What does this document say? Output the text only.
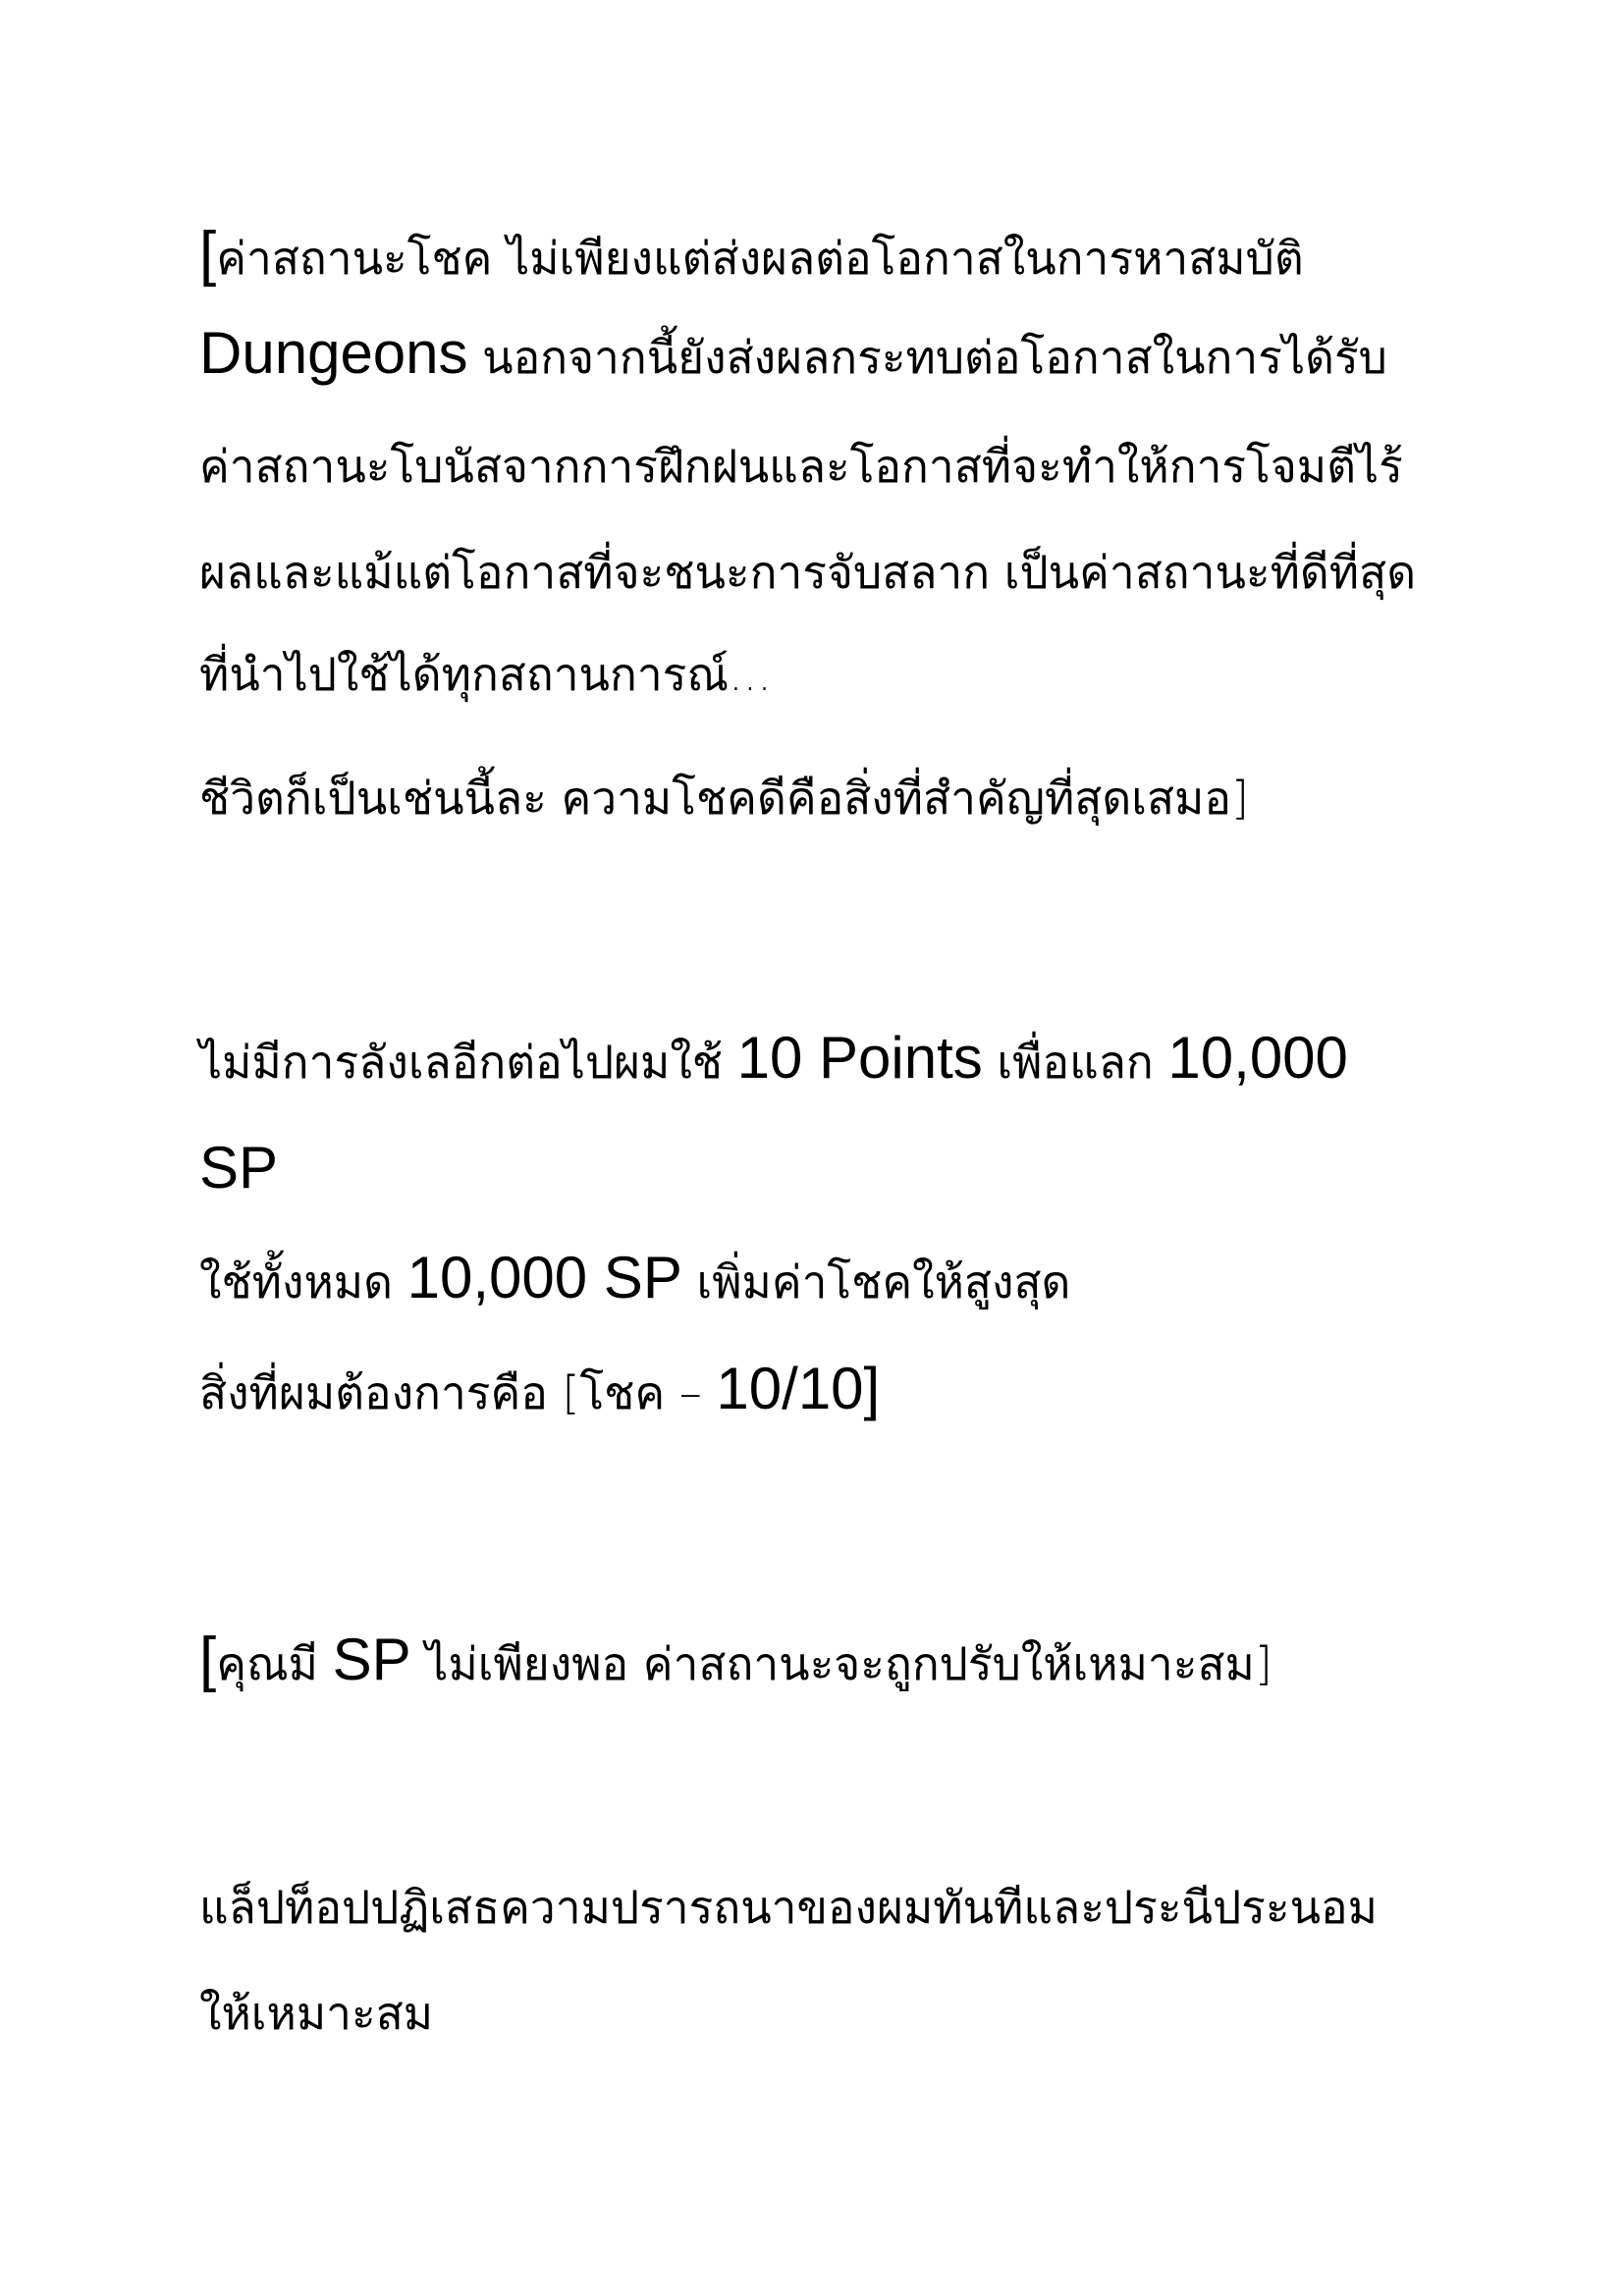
[ค่าสถานะโชค ไม่เพียงแต่ส่งผลต่อโอกาสในการหาสมบัติ
Dungeons นอกจากนี้ยังส่งผลกระทบต่อโอกาสในการได้รับ
ค่าสถานะโบนัสจากการฝึกฝนและโอกาสที่จะทำให้การโจมตีไร้
ผลและแม้แต่โอกาสที่จะชนะการจับสลาก เป็นค่าสถานะที่ดีที่สุด
ที่นำไปใช้ได้ทุกสถานการณ์...
ชีวิตก็เป็นเช่นนี้ละ ความโชคดีคือสิ่งที่สำคัญที่สุดเสมอ]
ไม่มีการลังเลอีกต่อไปผมใช้ 10 Points เพื่อแลก 10,000
SP
ใช้ทั้งหมด 10,000 SP เพิ่มค่าโชคให้สูงสุด
สิ่งที่ผมต้องการคือ [โชค – 10/10]
[คุณมี SP ไม่เพียงพอ ค่าสถานะจะถูกปรับให้เหมาะสม]
แล็ปท็อปปฏิเสธความปรารถนาของผมทันทีและประนีประนอม
ให้เหมาะสม
